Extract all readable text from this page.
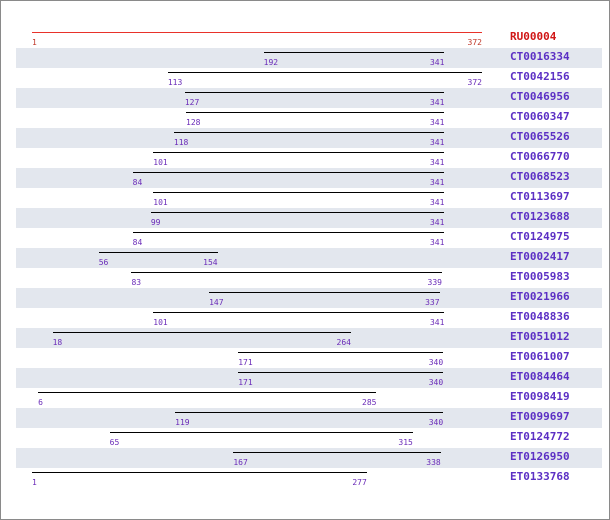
1	372	RU00004
192	341	CT0016334
113	372	CT0042156
127	341	CT0046956
128	341	CT0060347
118	341	CT0065526
101	341	CT0066770
84	341	CT0068523
101	341	CT0113697
99	341	CT0123688
84	341	CT0124975
56	154	ET0002417
83	339	ET0005983
147	337	ET0021966
101	341	ET0048836
18	264	ET0051012
171	340	ET0061007
171	340	ET0084464
6	285	ET0098419
119	340	ET0099697
65	315	ET0124772
167	338	ET0126950
1	277	ET0133768
